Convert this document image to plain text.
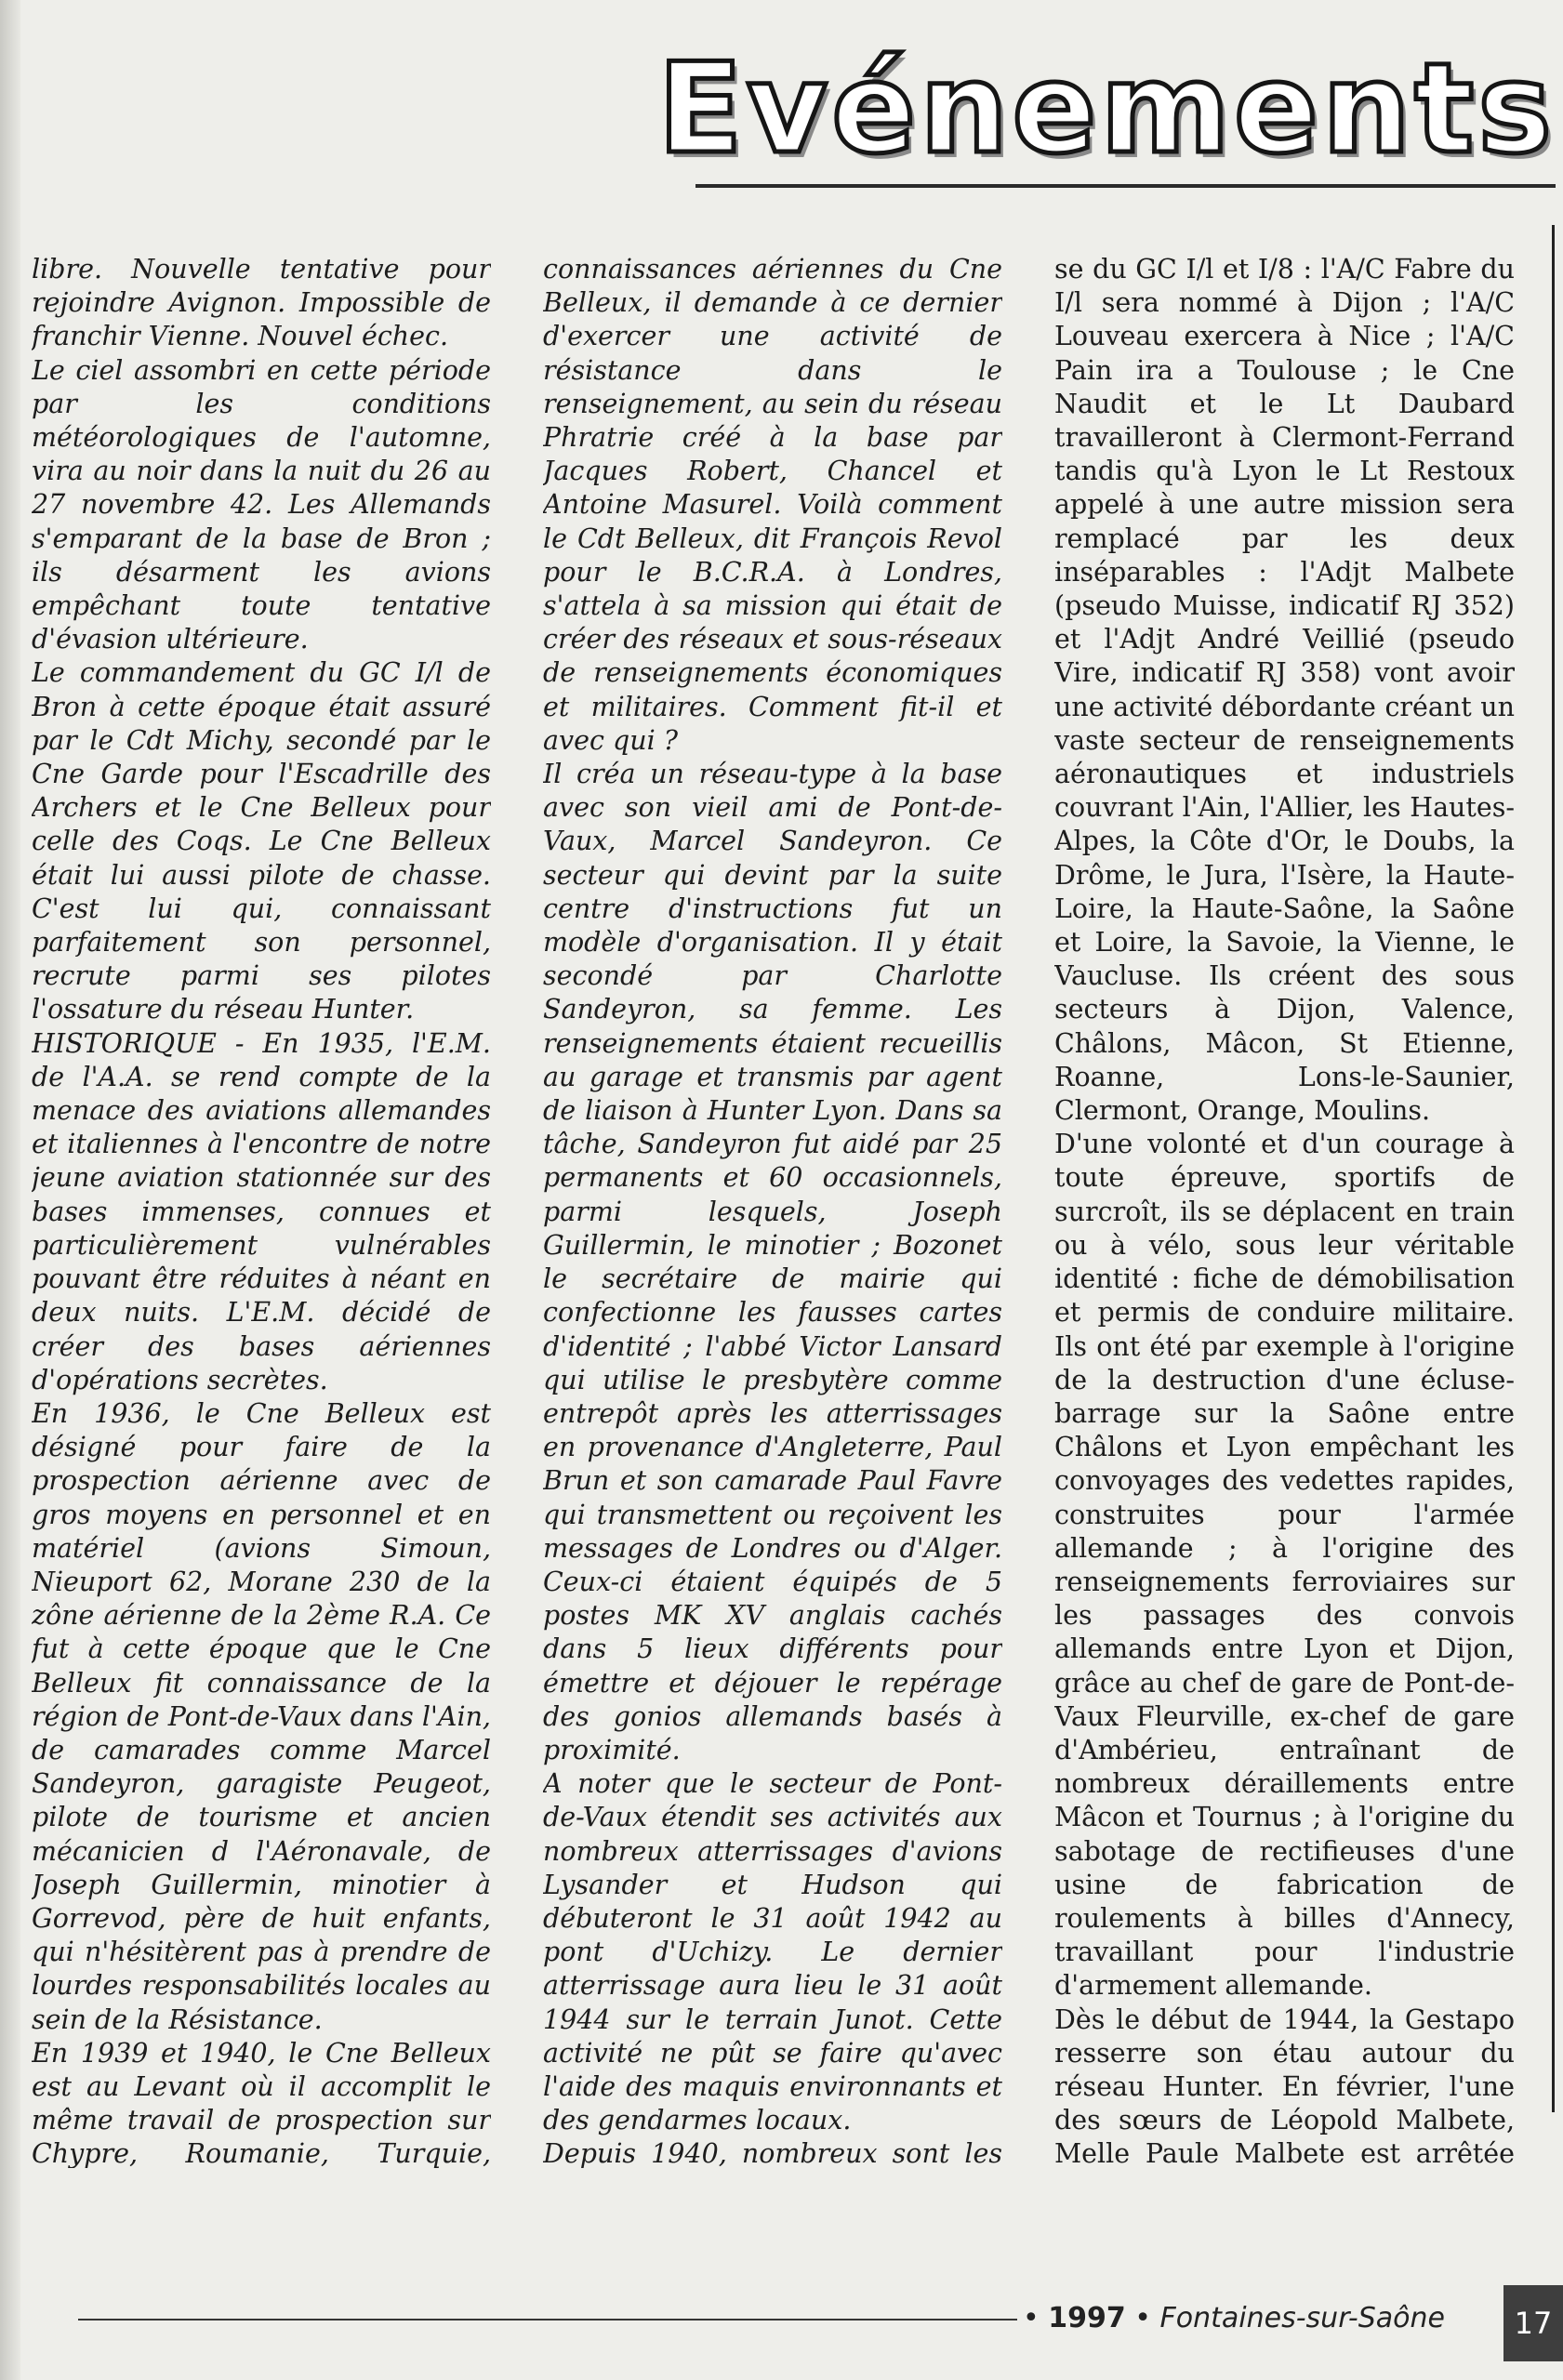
Evénements

libre. Nouvelle tentative pour rejoindre Avignon. Impossible de franchir Vienne. Nouvel échec.

Le ciel assombri en cette période par les conditions météorologiques de l'automne, vira au noir dans la nuit du 26 au 27 novembre 42. Les Allemands s'emparant de la base de Bron ; ils désarment les avions empêchant toute tentative d'évasion ultérieure.

Le commandement du GC I/l de Bron à cette époque était assuré par le Cdt Michy, secondé par le Cne Garde pour l'Escadrille des Archers et le Cne Belleux pour celle des Coqs. Le Cne Belleux était lui aussi pilote de chasse. C'est lui qui, connaissant parfaitement son personnel, recrute parmi ses pilotes l'ossature du réseau Hunter.

HISTORIQUE - En 1935, l'E.M. de l'A.A. se rend compte de la menace des aviations allemandes et italiennes à l'encontre de notre jeune aviation stationnée sur des bases immenses, connues et particulièrement vulnérables pouvant être réduites à néant en deux nuits. L'E.M. décidé de créer des bases aériennes d'opérations secrètes.

En 1936, le Cne Belleux est désigné pour faire de la prospection aérienne avec de gros moyens en personnel et en matériel (avions Simoun, Nieuport 62, Morane 230 de la zône aérienne de la 2ème R.A. Ce fut à cette époque que le Cne Belleux fit connaissance de la région de Pont-de-Vaux dans l'Ain, de camarades comme Marcel Sandeyron, garagiste Peugeot, pilote de tourisme et ancien mécanicien d l'Aéronavale, de Joseph Guillermin, minotier à Gorrevod, père de huit enfants, qui n'hésitèrent pas à prendre de lourdes responsabilités locales au sein de la Résistance.

En 1939 et 1940, le Cne Belleux est au Levant où il accomplit le même travail de prospection sur Chypre, Roumanie, Turquie,

connaissances aériennes du Cne Belleux, il demande à ce dernier d'exercer une activité de résistance dans le renseignement, au sein du réseau Phratrie créé à la base par Jacques Robert, Chancel et Antoine Masurel. Voilà comment le Cdt Belleux, dit François Revol pour le B.C.R.A. à Londres, s'attela à sa mission qui était de créer des réseaux et sous-réseaux de renseignements économiques et militaires. Comment fit-il et avec qui ?

Il créa un réseau-type à la base avec son vieil ami de Pont-de-Vaux, Marcel Sandeyron. Ce secteur qui devint par la suite centre d'instructions fut un modèle d'organisation. Il y était secondé par Charlotte Sandeyron, sa femme. Les renseignements étaient recueillis au garage et transmis par agent de liaison à Hunter Lyon. Dans sa tâche, Sandeyron fut aidé par 25 permanents et 60 occasionnels, parmi lesquels, Joseph Guillermin, le minotier ; Bozonet le secrétaire de mairie qui confectionne les fausses cartes d'identité ; l'abbé Victor Lansard qui utilise le presbytère comme entrepôt après les atterrissages en provenance d'Angleterre, Paul Brun et son camarade Paul Favre qui transmettent ou reçoivent les messages de Londres ou d'Alger. Ceux-ci étaient équipés de 5 postes MK XV anglais cachés dans 5 lieux différents pour émettre et déjouer le repérage des gonios allemands basés à proximité.

A noter que le secteur de Pont-de-Vaux étendit ses activités aux nombreux atterrissages d'avions Lysander et Hudson qui débuteront le 31 août 1942 au pont d'Uchizy. Le dernier atterrissage aura lieu le 31 août 1944 sur le terrain Junot. Cette activité ne pût se faire qu'avec l'aide des maquis environnants et des gendarmes locaux.

Depuis 1940, nombreux sont les

se du GC I/l et I/8 : l'A/C Fabre du I/l sera nommé à Dijon ; l'A/C Louveau exercera à Nice ; l'A/C Pain ira a Toulouse ; le Cne Naudit et le Lt Daubard travailleront à Clermont-Ferrand tandis qu'à Lyon le Lt Restoux appelé à une autre mission sera remplacé par les deux inséparables : l'Adjt Malbete (pseudo Muisse, indicatif RJ 352) et l'Adjt André Veillié (pseudo Vire, indicatif RJ 358) vont avoir une activité débordante créant un vaste secteur de renseignements aéronautiques et industriels couvrant l'Ain, l'Allier, les Hautes-Alpes, la Côte d'Or, le Doubs, la Drôme, le Jura, l'Isère, la Haute-Loire, la Haute-Saône, la Saône et Loire, la Savoie, la Vienne, le Vaucluse. Ils créent des sous secteurs à Dijon, Valence, Châlons, Mâcon, St Etienne, Roanne, Lons-le-Saunier, Clermont, Orange, Moulins.

D'une volonté et d'un courage à toute épreuve, sportifs de surcroît, ils se déplacent en train ou à vélo, sous leur véritable identité : fiche de démobilisation et permis de conduire militaire. Ils ont été par exemple à l'origine de la destruction d'une écluse-barrage sur la Saône entre Châlons et Lyon empêchant les convoyages des vedettes rapides, construites pour l'armée allemande ; à l'origine des renseignements ferroviaires sur les passages des convois allemands entre Lyon et Dijon, grâce au chef de gare de Pont-de-Vaux Fleurville, ex-chef de gare d'Ambérieu, entraînant de nombreux déraillements entre Mâcon et Tournus ; à l'origine du sabotage de rectifieuses d'une usine de fabrication de roulements à billes d'Annecy, travaillant pour l'industrie d'armement allemande.

Dès le début de 1944, la Gestapo resserre son étau autour du réseau Hunter. En février, l'une des sœurs de Léopold Malbete, Melle Paule Malbete est arrêtée

• 1997 • Fontaines-sur-Saône	17
